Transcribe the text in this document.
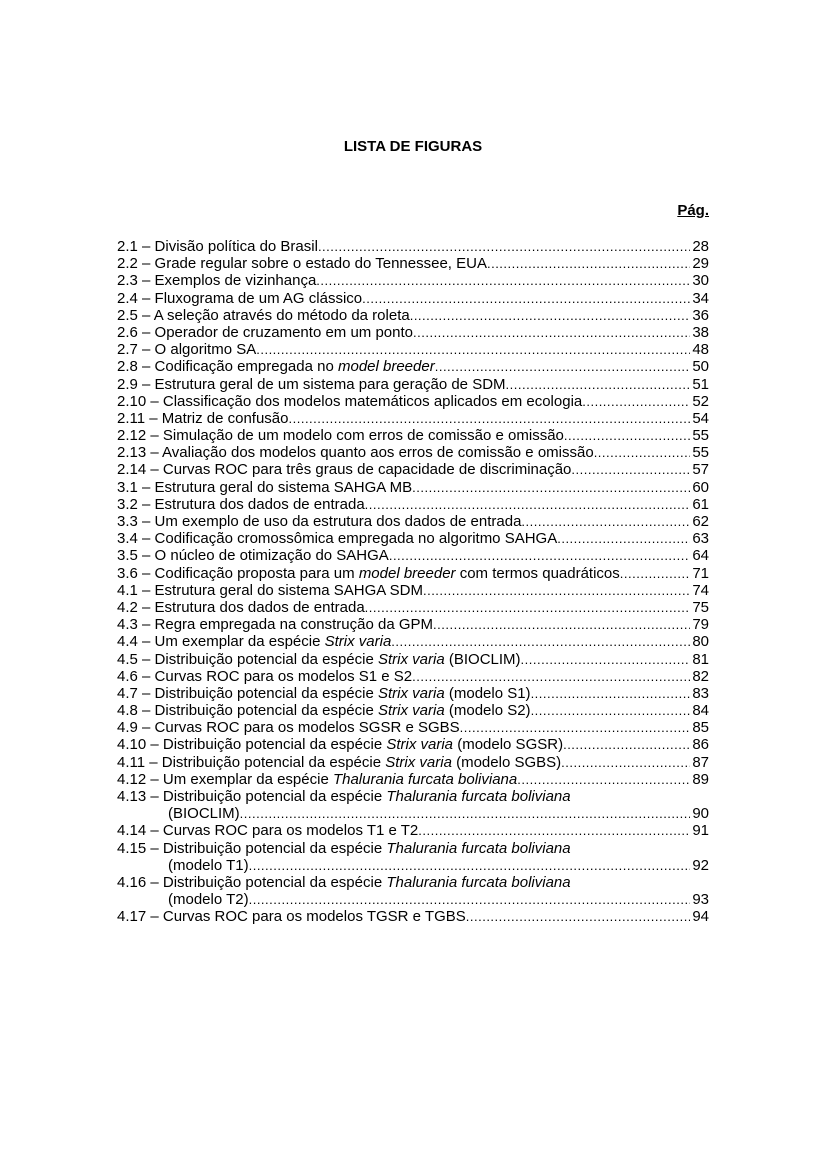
LISTA DE FIGURAS
Pág.
2.1 – Divisão política do Brasil .....	28
2.2 – Grade regular sobre o estado do Tennessee, EUA .....	29
2.3 – Exemplos de vizinhança .....	30
2.4 – Fluxograma de um AG clássico .....	34
2.5 – A seleção através do método da roleta .....	36
2.6 – Operador de cruzamento em um ponto .....	38
2.7 – O algoritmo SA .....	48
2.8 – Codificação empregada no model breeder .....	50
2.9 – Estrutura geral de um sistema para geração de SDM .....	51
2.10 – Classificação dos modelos matemáticos aplicados em ecologia .....	52
2.11 – Matriz de confusão .....	54
2.12 – Simulação de um modelo com erros de comissão e omissão .....	55
2.13 – Avaliação dos modelos quanto aos erros de comissão e omissão .....	55
2.14 – Curvas ROC para três graus de capacidade de discriminação .....	57
3.1 – Estrutura geral do sistema SAHGA MB .....	60
3.2 – Estrutura dos dados de entrada .....	61
3.3 – Um exemplo de uso da estrutura dos dados de entrada .....	62
3.4 – Codificação cromossômica empregada no algoritmo SAHGA .....	63
3.5 – O núcleo de otimização do SAHGA .....	64
3.6 – Codificação proposta para um model breeder com termos quadráticos .....	71
4.1 – Estrutura geral do sistema SAHGA SDM .....	74
4.2 – Estrutura dos dados de entrada .....	75
4.3 – Regra empregada na construção da GPM .....	79
4.4 – Um exemplar da espécie Strix varia .....	80
4.5 – Distribuição potencial da espécie Strix varia (BIOCLIM) .....	81
4.6 – Curvas ROC para os modelos S1 e S2 .....	82
4.7 – Distribuição potencial da espécie Strix varia (modelo S1) .....	83
4.8 – Distribuição potencial da espécie Strix varia (modelo S2) .....	84
4.9 – Curvas ROC para os modelos SGSR e SGBS .....	85
4.10 – Distribuição potencial da espécie Strix varia (modelo SGSR) .....	86
4.11 – Distribuição potencial da espécie Strix varia (modelo SGBS) .....	87
4.12 – Um exemplar da espécie Thalurania furcata boliviana .....	89
4.13 – Distribuição potencial da espécie Thalurania furcata boliviana
(BIOCLIM) .....	90
4.14 – Curvas ROC para os modelos T1 e T2 .....	91
4.15 – Distribuição potencial da espécie Thalurania furcata boliviana
(modelo T1) .....	92
4.16 – Distribuição potencial da espécie Thalurania furcata boliviana
(modelo T2) .....	93
4.17 – Curvas ROC para os modelos TGSR e TGBS .....	94
